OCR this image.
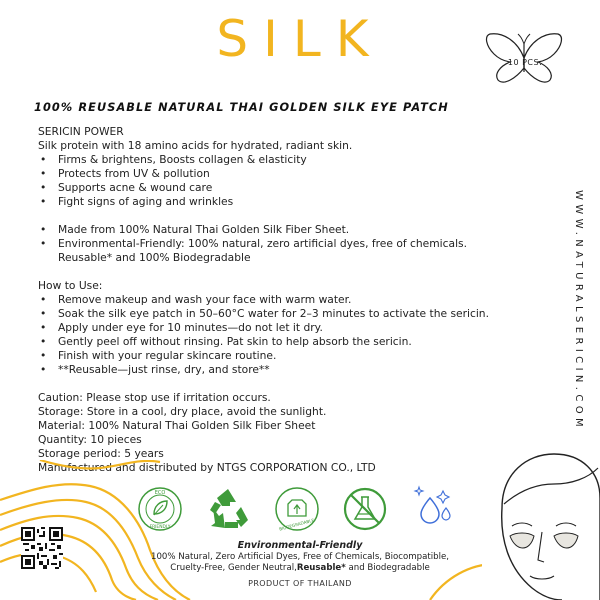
SILK	10 PCS.
100% REUSABLE NATURAL THAI GOLDEN SILK EYE PATCH
SERICIN POWER
Silk protein with 18 amino acids for hydrated, radiant skin.
• Firms & brightens, Boosts collagen & elasticity
• Protects from UV & pollution
• Supports acne & wound care
• Fight signs of aging and wrinkles
• Made from 100% Natural Thai Golden Silk Fiber Sheet.
• Environmental-Friendly: 100% natural, zero artificial dyes, free of chemicals.
Reusable* and 100% Biodegradable
How to Use:
• Remove makeup and wash your face with warm water.
• Soak the silk eye patch in 50–60°C water for 2–3 minutes to activate the sericin.
• Apply under eye for 10 minutes—do not let it dry.
• Gently peel off without rinsing. Pat skin to help absorb the sericin.
• Finish with your regular skincare routine.
• **Reusable—just rinse, dry, and store**
Caution: Please stop use if irritation occurs.
Storage: Store in a cool, dry place, avoid the sunlight.
Material: 100% Natural Thai Golden Silk Fiber Sheet
Quantity: 10 pieces
Storage period: 5 years
Manufactured and distributed by NTGS CORPORATION CO., LTD
WWW.NATURALSERICIN.COM
ECO
FRIENDLY	BIODEGRADABLE
Environmental-Friendly
100% Natural, Zero Artificial Dyes, Free of Chemicals, Biocompatible,
Cruelty-Free, Gender Neutral,Reusable* and Biodegradable
PRODUCT OF THAILAND
